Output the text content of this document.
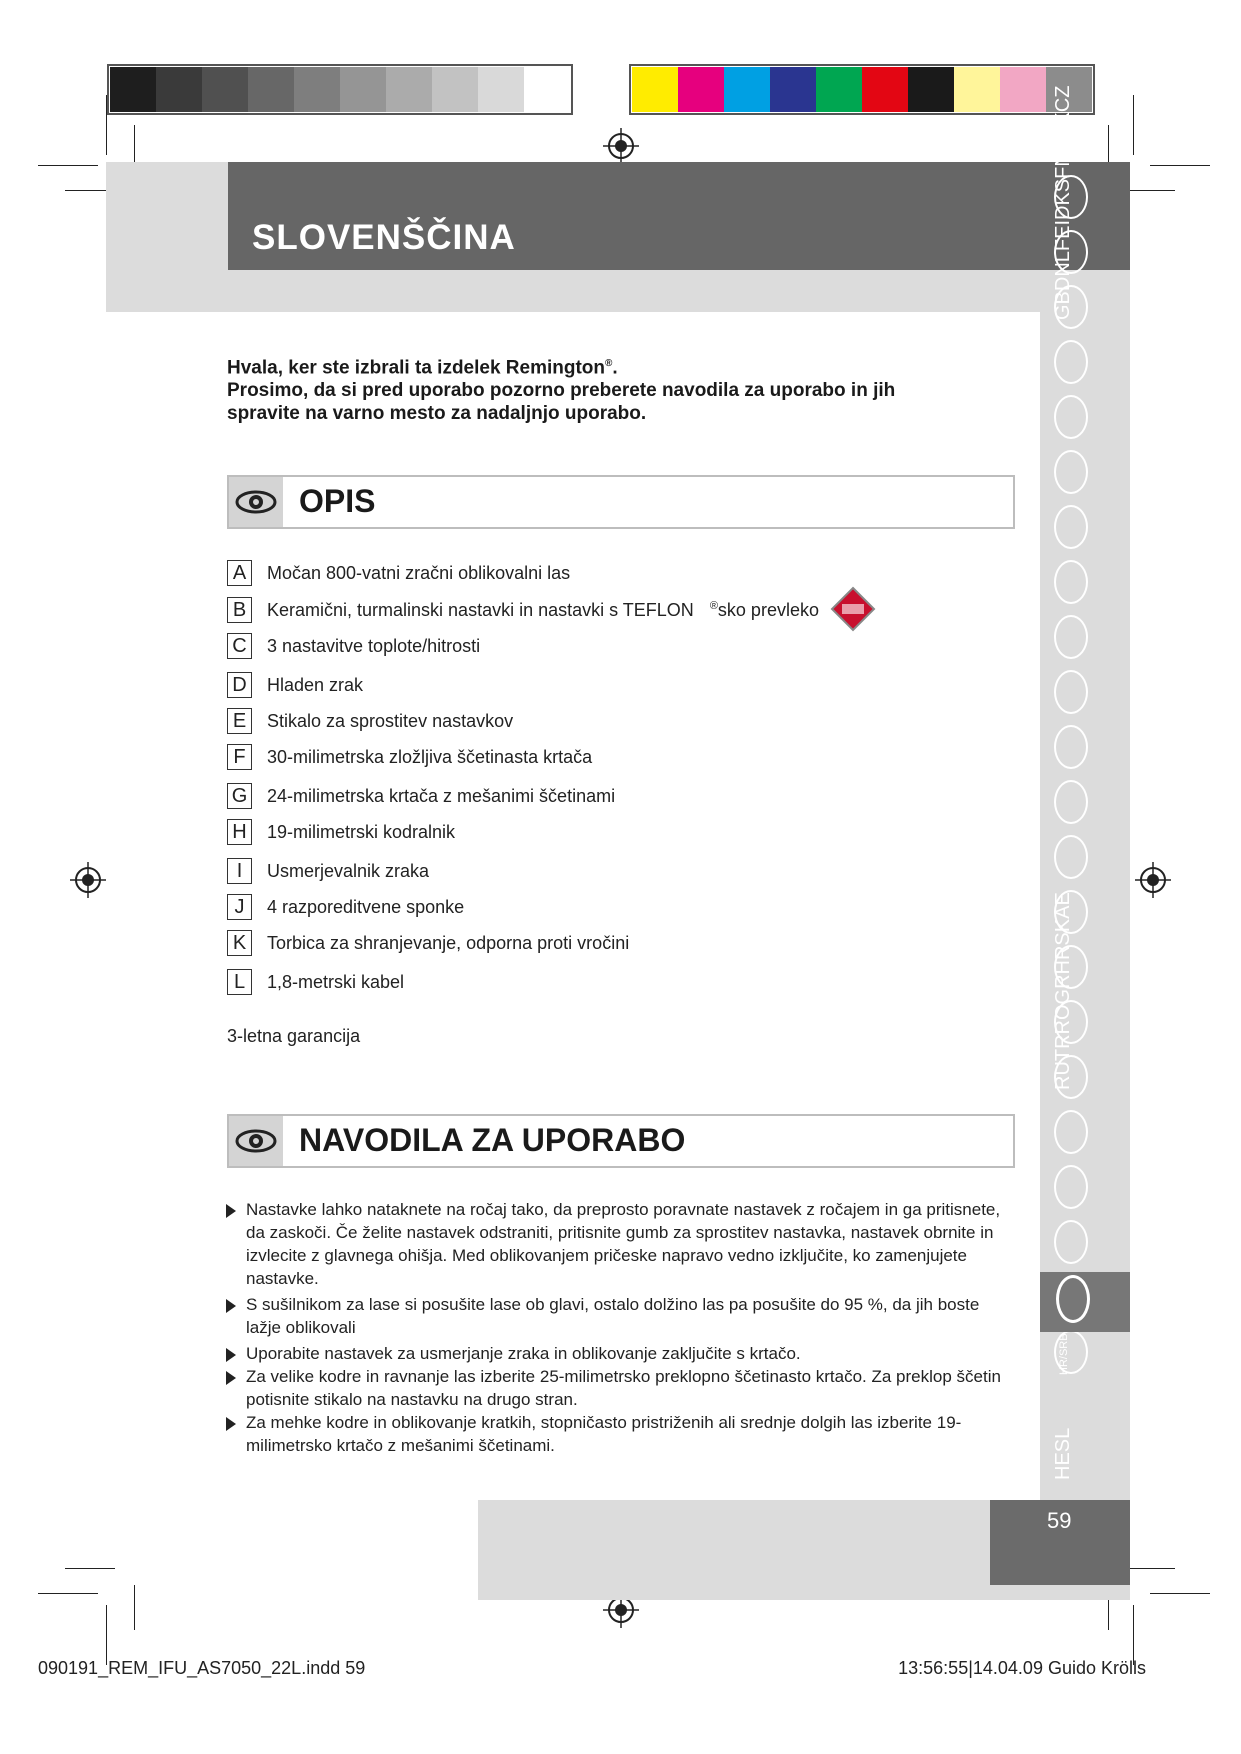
SLOVENŠČINA	GBDNLFEIDKSFNPSKCZ
RUTRROGRHRSKAE
HESL
HR/SRB
59
Hvala, ker ste izbrali ta izdelek Remington®.
Prosimo, da si pred uporabo pozorno preberete navodila za uporabo in jih
spravite na varno mesto za nadaljnjo uporabo.
OPIS
A	Močan 800-vatni zračni oblikovalni las
B	Keramični, turmalinski nastavki in nastavki s TEFLON ®sko prevleko
C 3 nastavitve toplote/hitrosti
D Hladen zrak
E	Stikalo za sprostitev nastavkov
F	30-milimetrska zložljiva ščetinasta krtača
G 24-milimetrska krtača z mešanimi ščetinami
H 19-milimetrski kodralnik
I	Usmerjevalnik zraka
J	4 razporeditvene sponke
K	Torbica za shranjevanje, odporna proti vročini
L	1,8-metrski kabel
3-letna garancija
NAVODILA ZA UPORABO
Nastavke lahko nataknete na ročaj tako, da preprosto poravnate nastavek z ročajem in ga pritisnete, da zaskoči. Če želite nastavek odstraniti, pritisnite gumb za sprostitev nastavka, nastavek obrnite in izvlecite z glavnega ohišja. Med oblikovanjem pričeske napravo vedno izključite, ko zamenjujete nastavke.
S sušilnikom za lase si posušite lase ob glavi, ostalo dolžino las pa posušite do 95 %, da jih boste lažje oblikovali
Uporabite nastavek za usmerjanje zraka in oblikovanje zaključite s krtačo.
Za velike kodre in ravnanje las izberite 25-milimetrsko preklopno ščetinasto krtačo. Za preklop ščetin potisnite stikalo na nastavku na drugo stran.
Za mehke kodre in oblikovanje kratkih, stopničasto pristriženih ali srednje dolgih las izberite 19-milimetrsko krtačo z mešanimi ščetinami.
090191_REM_IFU_AS7050_22L.indd 59	13:56:55|14.04.09 Guido Krölls
